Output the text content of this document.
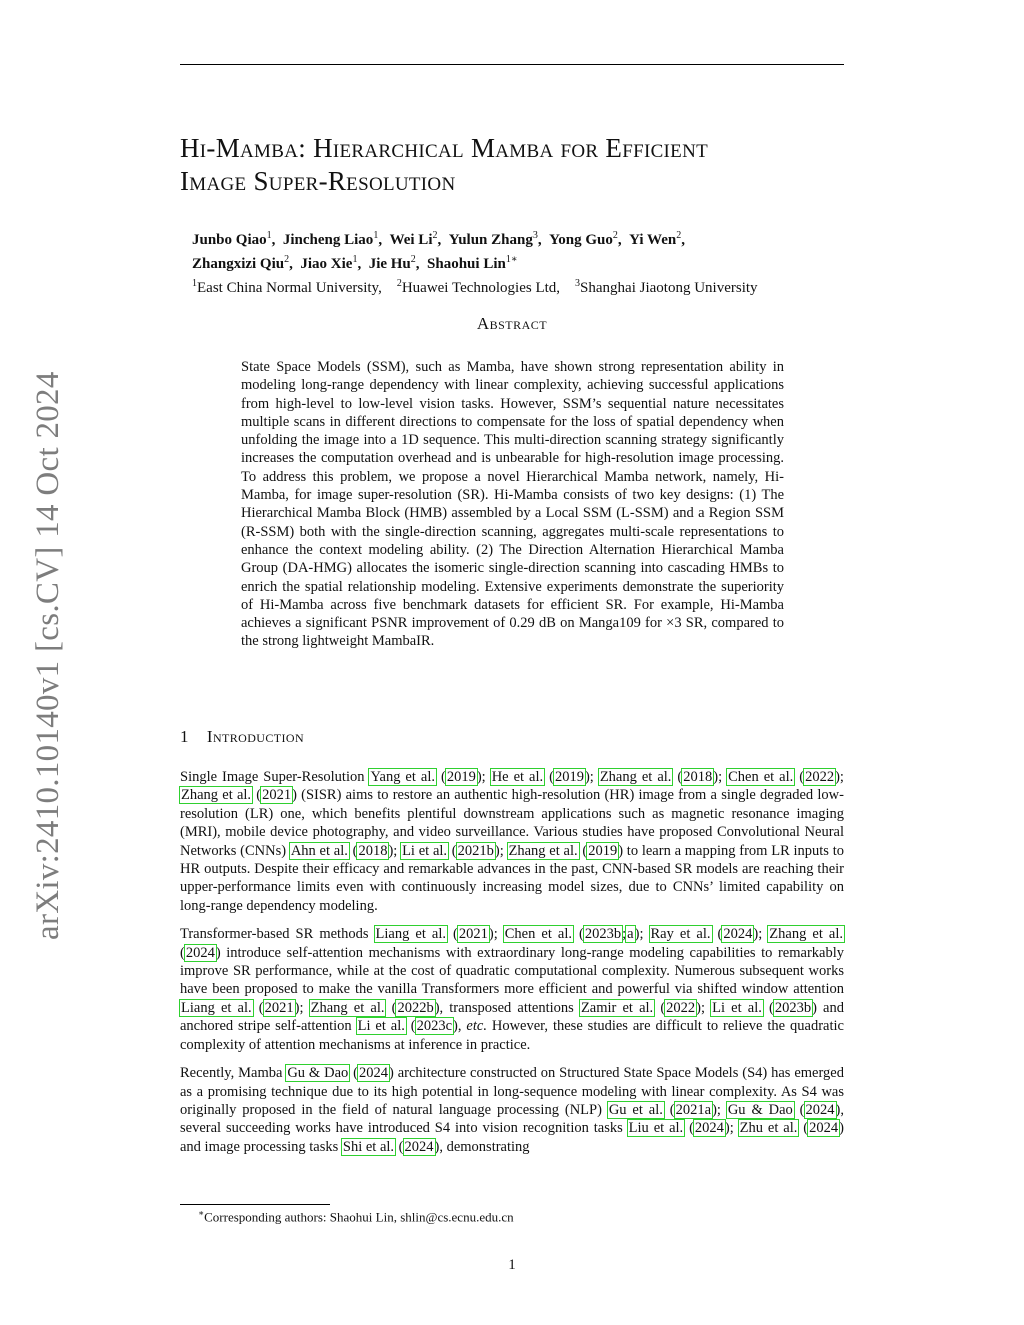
arXiv:2410.10140v1 [cs.CV] 14 Oct 2024
Hi-Mamba: Hierarchical Mamba for Efficient
Image Super-Resolution
Junbo Qiao$^1$, Jincheng Liao$^1$, Wei Li$^2$, Yulun Zhang$^3$, Yong Guo$^2$, Yi Wen$^2$,
Zhangxizi Qiu$^2$, Jiao Xie$^1$, Jie Hu$^2$, Shaohui Lin$^{1∗}$
$^1$East China Normal University, $^2$Huawei Technologies Ltd, $^3$Shanghai Jiaotong University
Abstract

State Space Models (SSM), such as Mamba, have shown strong representation ability in modeling long-range dependency with linear complexity, achieving successful applications from high-level to low-level vision tasks. However, SSM’s sequential nature necessitates multiple scans in different directions to compensate for the loss of spatial dependency when unfolding the image into a 1D sequence. This multi-direction scanning strategy significantly increases the computation overhead and is unbearable for high-resolution image processing. To address this problem, we propose a novel Hierarchical Mamba network, namely, Hi-Mamba, for image super-resolution (SR). Hi-Mamba consists of two key designs: (1) The Hierarchical Mamba Block (HMB) assembled by a Local SSM (L-SSM) and a Region SSM (R-SSM) both with the single-direction scanning, aggregates multi-scale representations to enhance the context modeling ability. (2) The Direction Alternation Hierarchical Mamba Group (DA-HMG) allocates the isomeric single-direction scanning into cascading HMBs to enrich the spatial relationship modeling. Extensive experiments demonstrate the superiority of Hi-Mamba across five benchmark datasets for efficient SR. For example, Hi-Mamba achieves a significant PSNR improvement of 0.29 dB on Manga109 for ×3 SR, compared to the strong lightweight MambaIR.

1 Introduction

Single Image Super-Resolution Yang et al. (2019); He et al. (2019); Zhang et al. (2018); Chen et al. (2022); Zhang et al. (2021) (SISR) aims to restore an authentic high-resolution (HR) image from a single degraded low-resolution (LR) one, which benefits plentiful downstream applications such as magnetic resonance imaging (MRI), mobile device photography, and video surveillance. Various studies have proposed Convolutional Neural Networks (CNNs) Ahn et al. (2018); Li et al. (2021b); Zhang et al. (2019) to learn a mapping from LR inputs to HR outputs. Despite their efficacy and remarkable advances in the past, CNN-based SR models are reaching their upper-performance limits even with continuously increasing model sizes, due to CNNs’ limited capability on long-range dependency modeling.

Transformer-based SR methods Liang et al. (2021); Chen et al. (2023b;a); Ray et al. (2024); Zhang et al. (2024) introduce self-attention mechanisms with extraordinary long-range modeling capabilities to remarkably improve SR performance, while at the cost of quadratic computational complexity. Numerous subsequent works have been proposed to make the vanilla Transformers more efficient and powerful via shifted window attention Liang et al. (2021); Zhang et al. (2022b), transposed attentions Zamir et al. (2022); Li et al. (2023b) and anchored stripe self-attention Li et al. (2023c), etc. However, these studies are difficult to relieve the quadratic complexity of attention mechanisms at inference in practice.

Recently, Mamba Gu & Dao (2024) architecture constructed on Structured State Space Models (S4) has emerged as a promising technique due to its high potential in long-sequence modeling with linear complexity. As S4 was originally proposed in the field of natural language processing (NLP) Gu et al. (2021a); Gu & Dao (2024), several succeeding works have introduced S4 into vision recognition tasks Liu et al. (2024); Zhu et al. (2024) and image processing tasks Shi et al. (2024), demonstrating

∗Corresponding authors: Shaohui Lin, shlin@cs.ecnu.edu.cn
1
